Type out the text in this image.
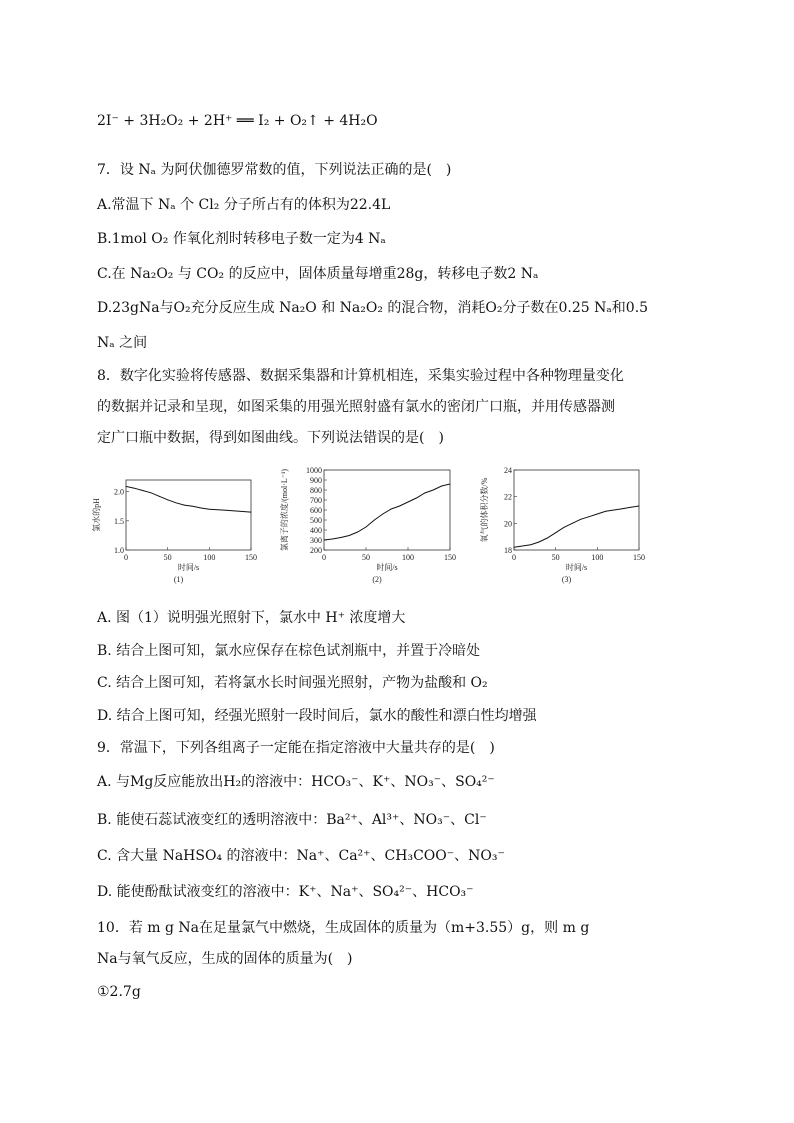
2I⁻ + 3H₂O₂ + 2H⁺ ══ I₂ + O₂↑ + 4H₂O
7．设 Nₐ 为阿伏伽德罗常数的值，下列说法正确的是(　)
A.常温下 Nₐ 个 Cl₂ 分子所占有的体积为22.4L
B.1mol O₂ 作氧化剂时转移电子数一定为4 Nₐ
C.在 Na₂O₂ 与 CO₂ 的反应中，固体质量每增重28g，转移电子数2 Nₐ
D.23gNa与O₂充分反应生成 Na₂O 和 Na₂O₂ 的混合物，消耗O₂分子数在0.25 Nₐ和0.5
Nₐ 之间
8．数字化实验将传感器、数据采集器和计算机相连，采集实验过程中各种物理量变化
的数据并记录和呈现，如图采集的用强光照射盛有氯水的密闭广口瓶，并用传感器测
定广口瓶中数据，得到如图曲线。下列说法错误的是(　)
0	50	100	150
1.0
1.5
2.0
时间/s
(1)
氯水的pH
0	50	100	150
200
300
400
500
600
700
800
900
1000
时间/s
(2)
氯离子的浓度/(mol·L⁻¹)
0	50	100	150
18
20
22
24
时间/s
(3)
氧气的体积分数/%
A. 图（1）说明强光照射下，氯水中 H⁺ 浓度增大
B. 结合上图可知，氯水应保存在棕色试剂瓶中，并置于冷暗处
C. 结合上图可知，若将氯水长时间强光照射，产物为盐酸和 O₂
D. 结合上图可知，经强光照射一段时间后，氯水的酸性和漂白性均增强
9．常温下，下列各组离子一定能在指定溶液中大量共存的是(　)
A. 与Mg反应能放出H₂的溶液中：HCO₃⁻、K⁺、NO₃⁻、SO₄²⁻
B. 能使石蕊试液变红的透明溶液中：Ba²⁺、Al³⁺、NO₃⁻、Cl⁻
C. 含大量 NaHSO₄ 的溶液中：Na⁺、Ca²⁺、CH₃COO⁻、NO₃⁻
D. 能使酚酞试液变红的溶液中：K⁺、Na⁺、SO₄²⁻、HCO₃⁻
10．若 m g Na在足量氯气中燃烧，生成固体的质量为（m+3.55）g，则 m g
Na与氧气反应，生成的固体的质量为(　)
①2.7g
